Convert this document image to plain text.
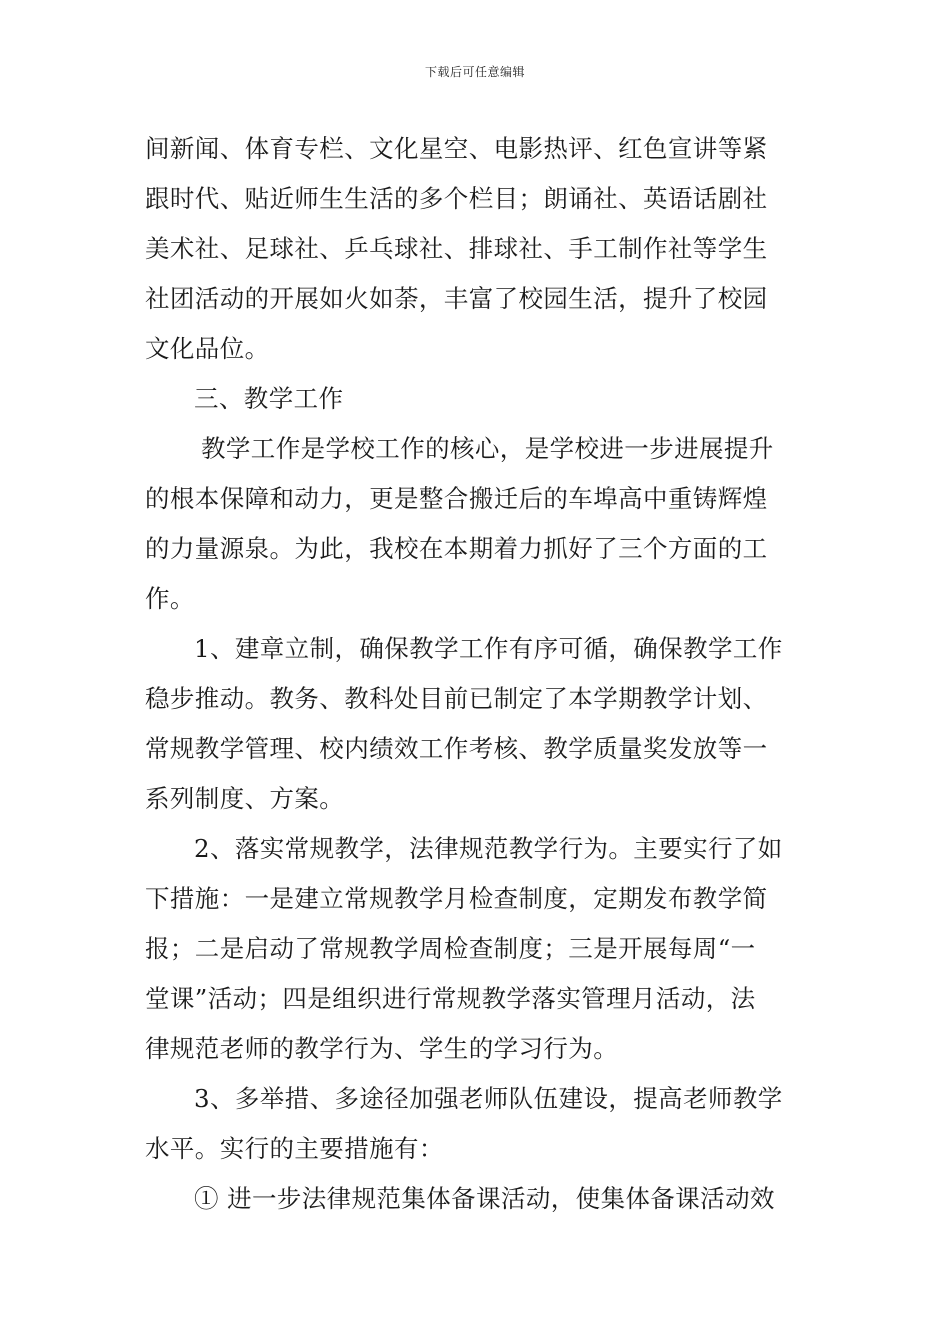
下载后可任意编辑
间新闻、体育专栏、文化星空、电影热评、红色宣讲等紧
跟时代、贴近师生生活的多个栏目；朗诵社、英语话剧社
美术社、足球社、乒乓球社、排球社、手工制作社等学生
社团活动的开展如火如荼，丰富了校园生活，提升了校园
文化品位。
三、教学工作
教学工作是学校工作的核心，是学校进一步进展提升
的根本保障和动力，更是整合搬迁后的车埠高中重铸辉煌
的力量源泉。为此，我校在本期着力抓好了三个方面的工
作。
1、建章立制，确保教学工作有序可循，确保教学工作
稳步推动。教务、教科处目前已制定了本学期教学计划、
常规教学管理、校内绩效工作考核、教学质量奖发放等一
系列制度、方案。
2、落实常规教学，法律规范教学行为。主要实行了如
下措施：一是建立常规教学月检查制度，定期发布教学简
报；二是启动了常规教学周检查制度；三是开展每周“一
堂课”活动；四是组织进行常规教学落实管理月活动，法
律规范老师的教学行为、学生的学习行为。
3、多举措、多途径加强老师队伍建设，提高老师教学
水平。实行的主要措施有：
① 进一步法律规范集体备课活动，使集体备课活动效
